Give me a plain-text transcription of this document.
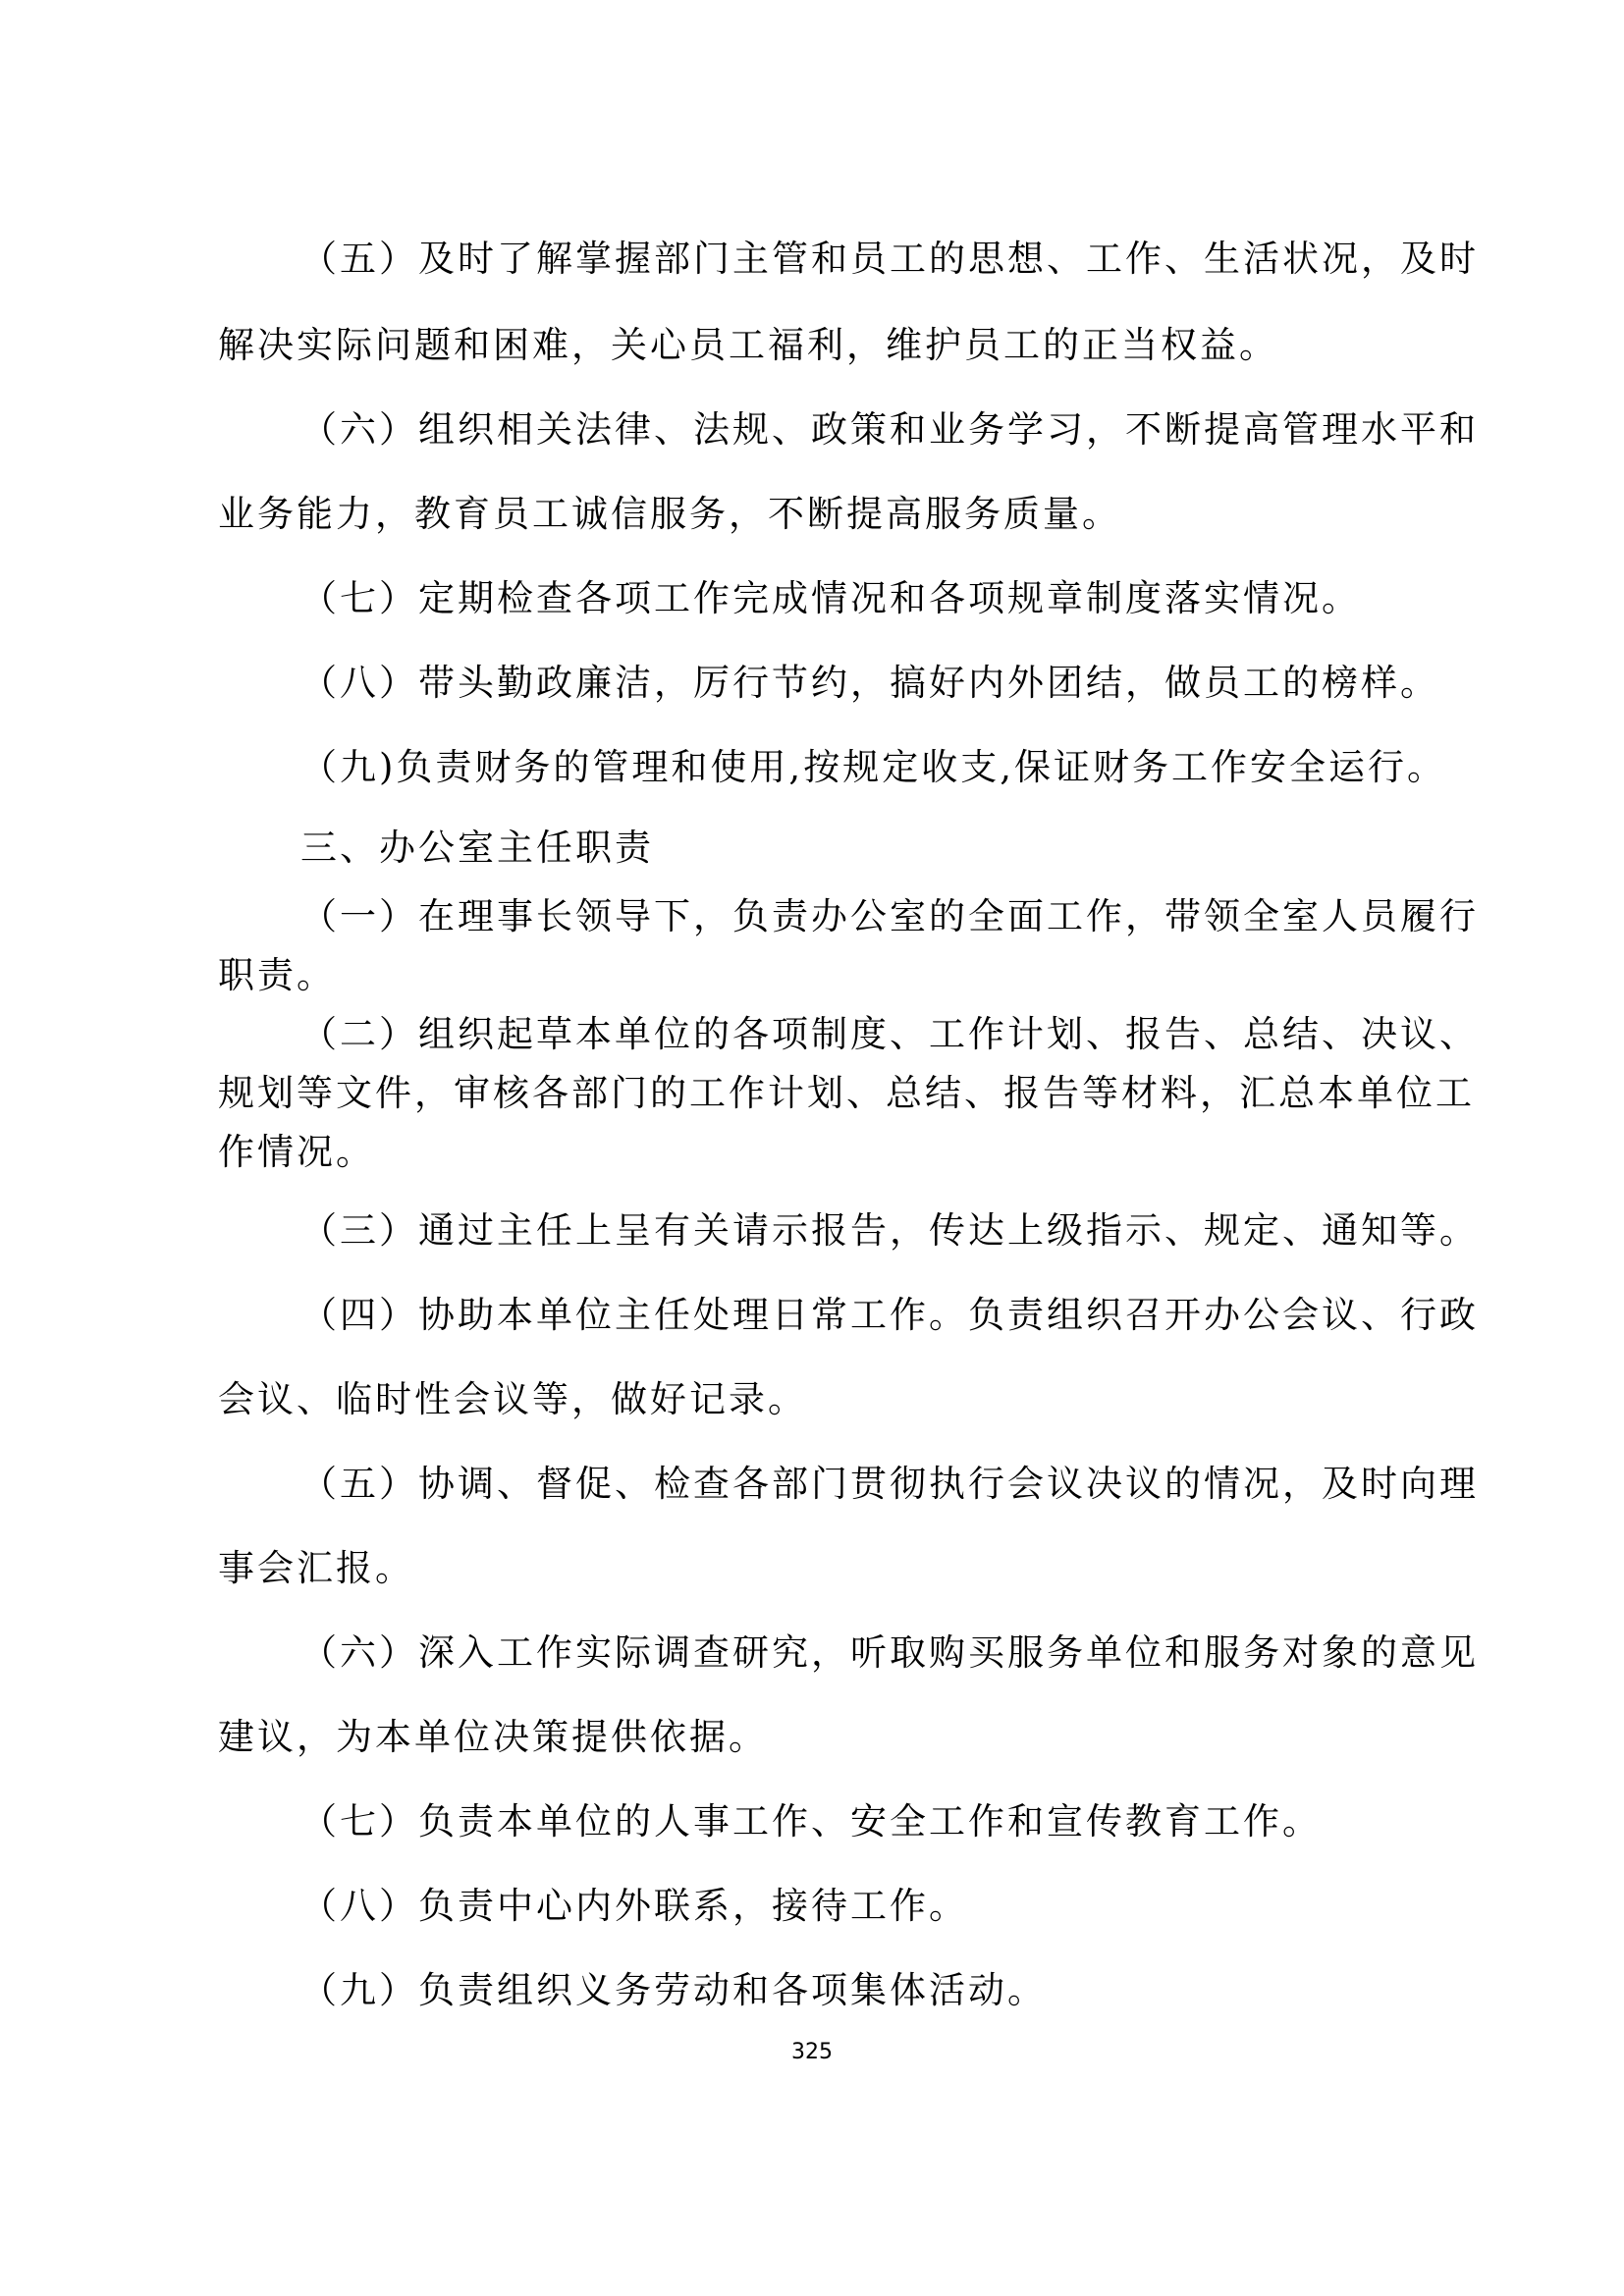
（五）及时了解掌握部门主管和员工的思想、工作、生活状况，及时

解决实际问题和困难，关心员工福利，维护员工的正当权益。

（六）组织相关法律、法规、政策和业务学习，不断提高管理水平和

业务能力，教育员工诚信服务，不断提高服务质量。

（七）定期检查各项工作完成情况和各项规章制度落实情况。

（八）带头勤政廉洁，厉行节约，搞好内外团结，做员工的榜样。

（九)负责财务的管理和使用,按规定收支,保证财务工作安全运行。

三、办公室主任职责

（一）在理事长领导下，负责办公室的全面工作，带领全室人员履行

职责。

（二）组织起草本单位的各项制度、工作计划、报告、总结、决议、

规划等文件，审核各部门的工作计划、总结、报告等材料，汇总本单位工

作情况。

（三）通过主任上呈有关请示报告，传达上级指示、规定、通知等。

（四）协助本单位主任处理日常工作。负责组织召开办公会议、行政

会议、临时性会议等，做好记录。

（五）协调、督促、检查各部门贯彻执行会议决议的情况，及时向理

事会汇报。

（六）深入工作实际调查研究，听取购买服务单位和服务对象的意见

建议，为本单位决策提供依据。

（七）负责本单位的人事工作、安全工作和宣传教育工作。

（八）负责中心内外联系，接待工作。

（九）负责组织义务劳动和各项集体活动。

325
